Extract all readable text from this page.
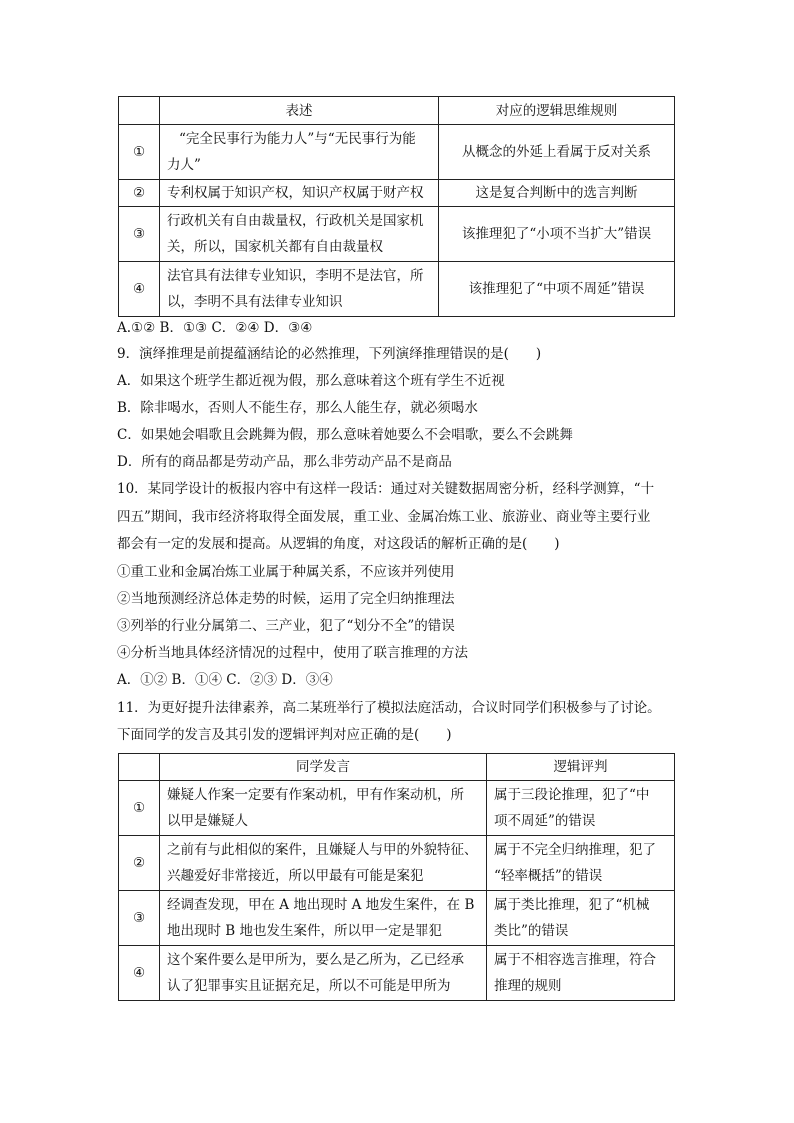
	表述	对应的逻辑思维规则
①	“完全民事行为能力人”与“无民事行为能
力人”	从概念的外延上看属于反对关系
②	专利权属于知识产权，知识产权属于财产权	这是复合判断中的选言判断
③	行政机关有自由裁量权，行政机关是国家机
关，所以，国家机关都有自由裁量权	该推理犯了“小项不当扩大”错误
④	法官具有法律专业知识，李明不是法官，所
以，李明不具有法律专业知识	该推理犯了“中项不周延”错误
A.①② B．①③ C．②④ D．③④
9．演绎推理是前提蕴涵结论的必然推理，下列演绎推理错误的是(　　)
A．如果这个班学生都近视为假，那么意味着这个班有学生不近视
B．除非喝水，否则人不能生存，那么人能生存，就必须喝水
C．如果她会唱歌且会跳舞为假，那么意味着她要么不会唱歌，要么不会跳舞
D．所有的商品都是劳动产品，那么非劳动产品不是商品
10．某同学设计的板报内容中有这样一段话：通过对关键数据周密分析，经科学测算，“十
四五”期间，我市经济将取得全面发展，重工业、金属冶炼工业、旅游业、商业等主要行业
都会有一定的发展和提高。从逻辑的角度，对这段话的解析正确的是(　　)
①重工业和金属冶炼工业属于种属关系，不应该并列使用
②当地预测经济总体走势的时候，运用了完全归纳推理法
③列举的行业分属第二、三产业，犯了“划分不全”的错误
④分析当地具体经济情况的过程中，使用了联言推理的方法
A．①② B．①④ C．②③ D．③④
11．为更好提升法律素养，高二某班举行了模拟法庭活动，合议时同学们积极参与了讨论。
下面同学的发言及其引发的逻辑评判对应正确的是(　　)
	同学发言	逻辑评判
①	嫌疑人作案一定要有作案动机，甲有作案动机，所
以甲是嫌疑人	属于三段论推理，犯了“中
项不周延”的错误
②	之前有与此相似的案件，且嫌疑人与甲的外貌特征、
兴趣爱好非常接近，所以甲最有可能是案犯	属于不完全归纳推理，犯了
“轻率概括”的错误
③	经调查发现，甲在 A 地出现时 A 地发生案件，在 B
地出现时 B 地也发生案件，所以甲一定是罪犯	属于类比推理，犯了“机械
类比”的错误
④	这个案件要么是甲所为，要么是乙所为，乙已经承
认了犯罪事实且证据充足，所以不可能是甲所为	属于不相容选言推理，符合
推理的规则
